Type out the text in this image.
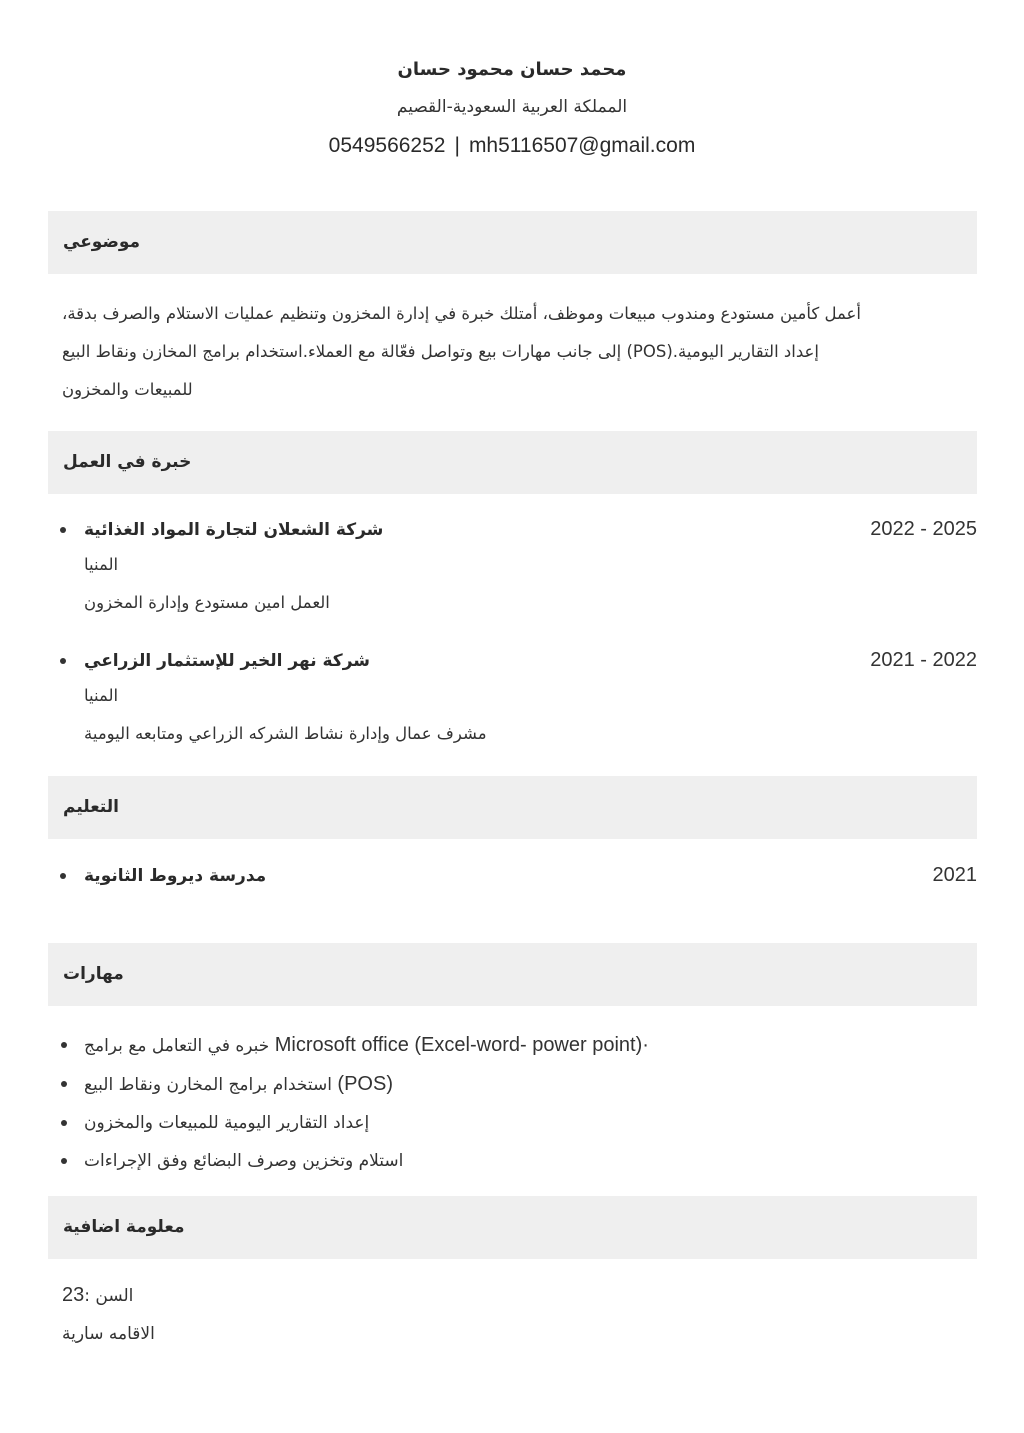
محمد حسان محمود حسان
المملكة العربية السعودية-القصيم
0549566252 | mh5116507@gmail.com
موضوعي
أعمل كأمين مستودع ومندوب مبيعات وموظف، أمتلك خبرة في إدارة المخزون وتنظيم عمليات الاستلام والصرف بدقة،
إعداد التقارير اليومية.(POS) إلى جانب مهارات بيع وتواصل فعّالة مع العملاء.استخدام برامج المخازن ونقاط البيع
للمبيعات والمخزون
خبرة في العمل
2022 - 2025
شركة الشعلان لتجارة المواد الغذائية
المنيا
العمل امين مستودع وإدارة المخزون
2021 - 2022
شركة نهر الخير للإستثمار الزراعي
المنيا
مشرف عمال وإدارة نشاط الشركه الزراعي ومتابعه اليومية
التعليم
2021
مدرسة ديروط الثانوية
مهارات
خبره في التعامل مع برامج Microsoft office (Excel-word- power point)·
استخدام برامج المخارن ونقاط البيع (POS)
إعداد التقارير اليومية للمبيعات والمخزون
استلام وتخزين وصرف البضائع وفق الإجراءات
معلومة اضافية
23السن :
الاقامه سارية
